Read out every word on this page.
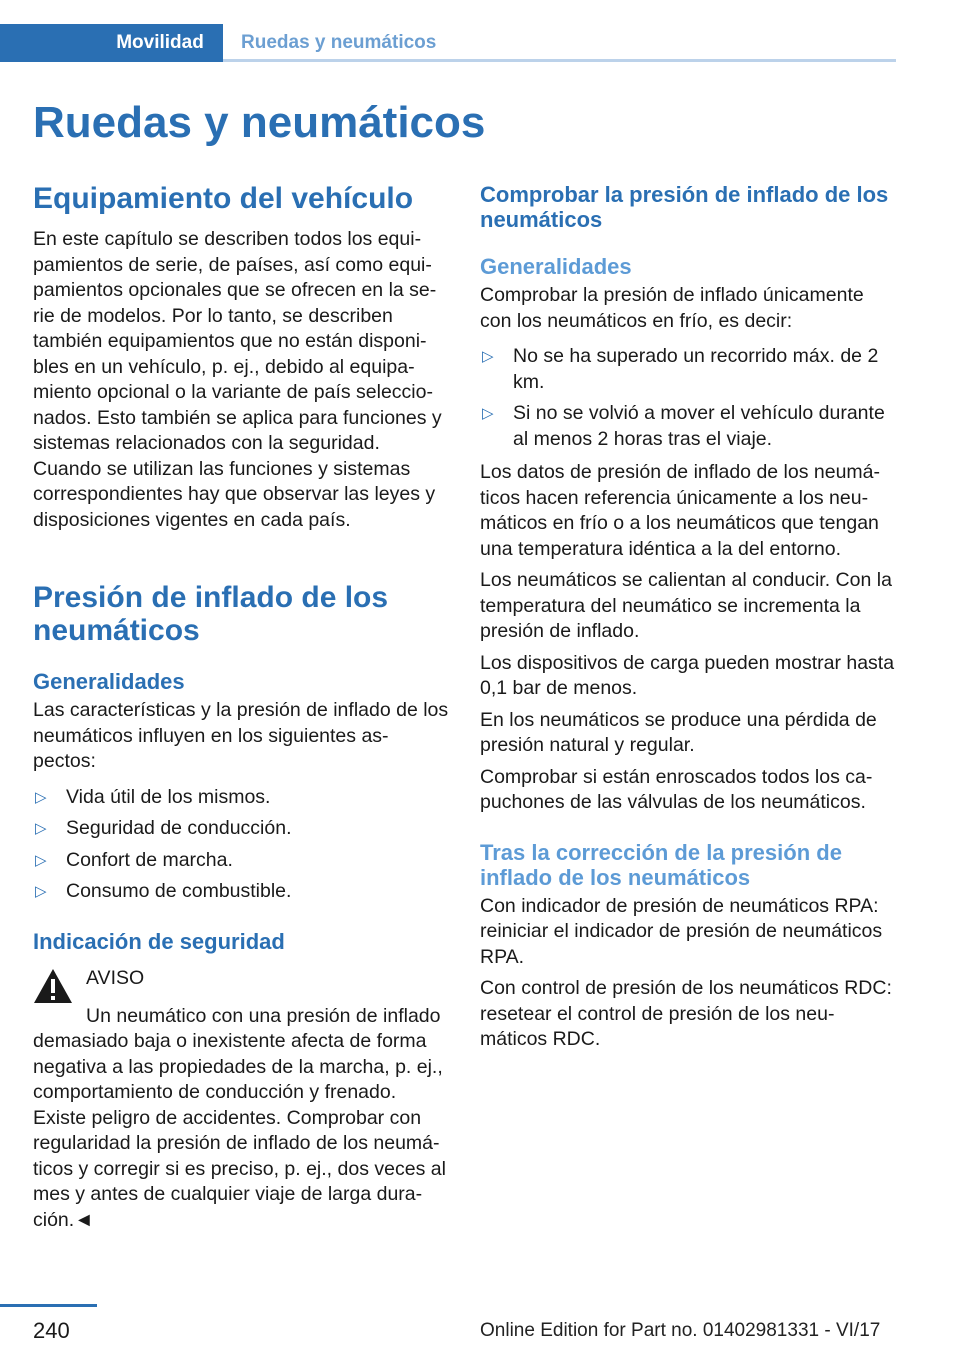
Movilidad	Ruedas y neumáticos
Ruedas y neumáticos
Equipamiento del vehículo

En este capítulo se describen todos los equi‐ pamientos de serie, de países, así como equi‐ pamientos opcionales que se ofrecen en la se‐ rie de modelos. Por lo tanto, se describen también equipamientos que no están disponi‐ bles en un vehículo, p. ej., debido al equipa‐ miento opcional o la variante de país seleccio‐ nados. Esto también se aplica para funciones y sistemas relacionados con la seguridad. Cuando se utilizan las funciones y sistemas correspondientes hay que observar las leyes y disposiciones vigentes en cada país.

Presión de inflado de los neumáticos
Generalidades

Las características y la presión de inflado de los neumáticos influyen en los siguientes as‐ pectos:

▷ Vida útil de los mismos.
▷ Seguridad de conducción.
▷ Confort de marcha.
▷ Consumo de combustible.
Indicación de seguridad
AVISO

Un neumático con una presión de inflado demasiado baja o inexistente afecta de forma negativa a las propiedades de la marcha, p. ej., comportamiento de conducción y frenado. Existe peligro de accidentes. Comprobar con regularidad la presión de inflado de los neumá‐ ticos y corregir si es preciso, p. ej., dos veces al mes y antes de cualquier viaje de larga dura‐ ción.◄

Comprobar la presión de inflado de los neumáticos
Generalidades

Comprobar la presión de inflado únicamente con los neumáticos en frío, es decir:

▷ No se ha superado un recorrido máx. de 2 km.
▷ Si no se volvió a mover el vehículo durante al menos 2 horas tras el viaje.

Los datos de presión de inflado de los neumá‐ ticos hacen referencia únicamente a los neu‐ máticos en frío o a los neumáticos que tengan una temperatura idéntica a la del entorno.

Los neumáticos se calientan al conducir. Con la temperatura del neumático se incrementa la presión de inflado.

Los dispositivos de carga pueden mostrar hasta 0,1 bar de menos.

En los neumáticos se produce una pérdida de presión natural y regular.

Comprobar si están enroscados todos los ca‐ puchones de las válvulas de los neumáticos.

Tras la corrección de la presión de inflado de los neumáticos

Con indicador de presión de neumáticos RPA: reiniciar el indicador de presión de neumáticos RPA.

Con control de presión de los neumáticos RDC: resetear el control de presión de los neu‐ máticos RDC.

240	Online Edition for Part no. 01402981331 - VI/17
